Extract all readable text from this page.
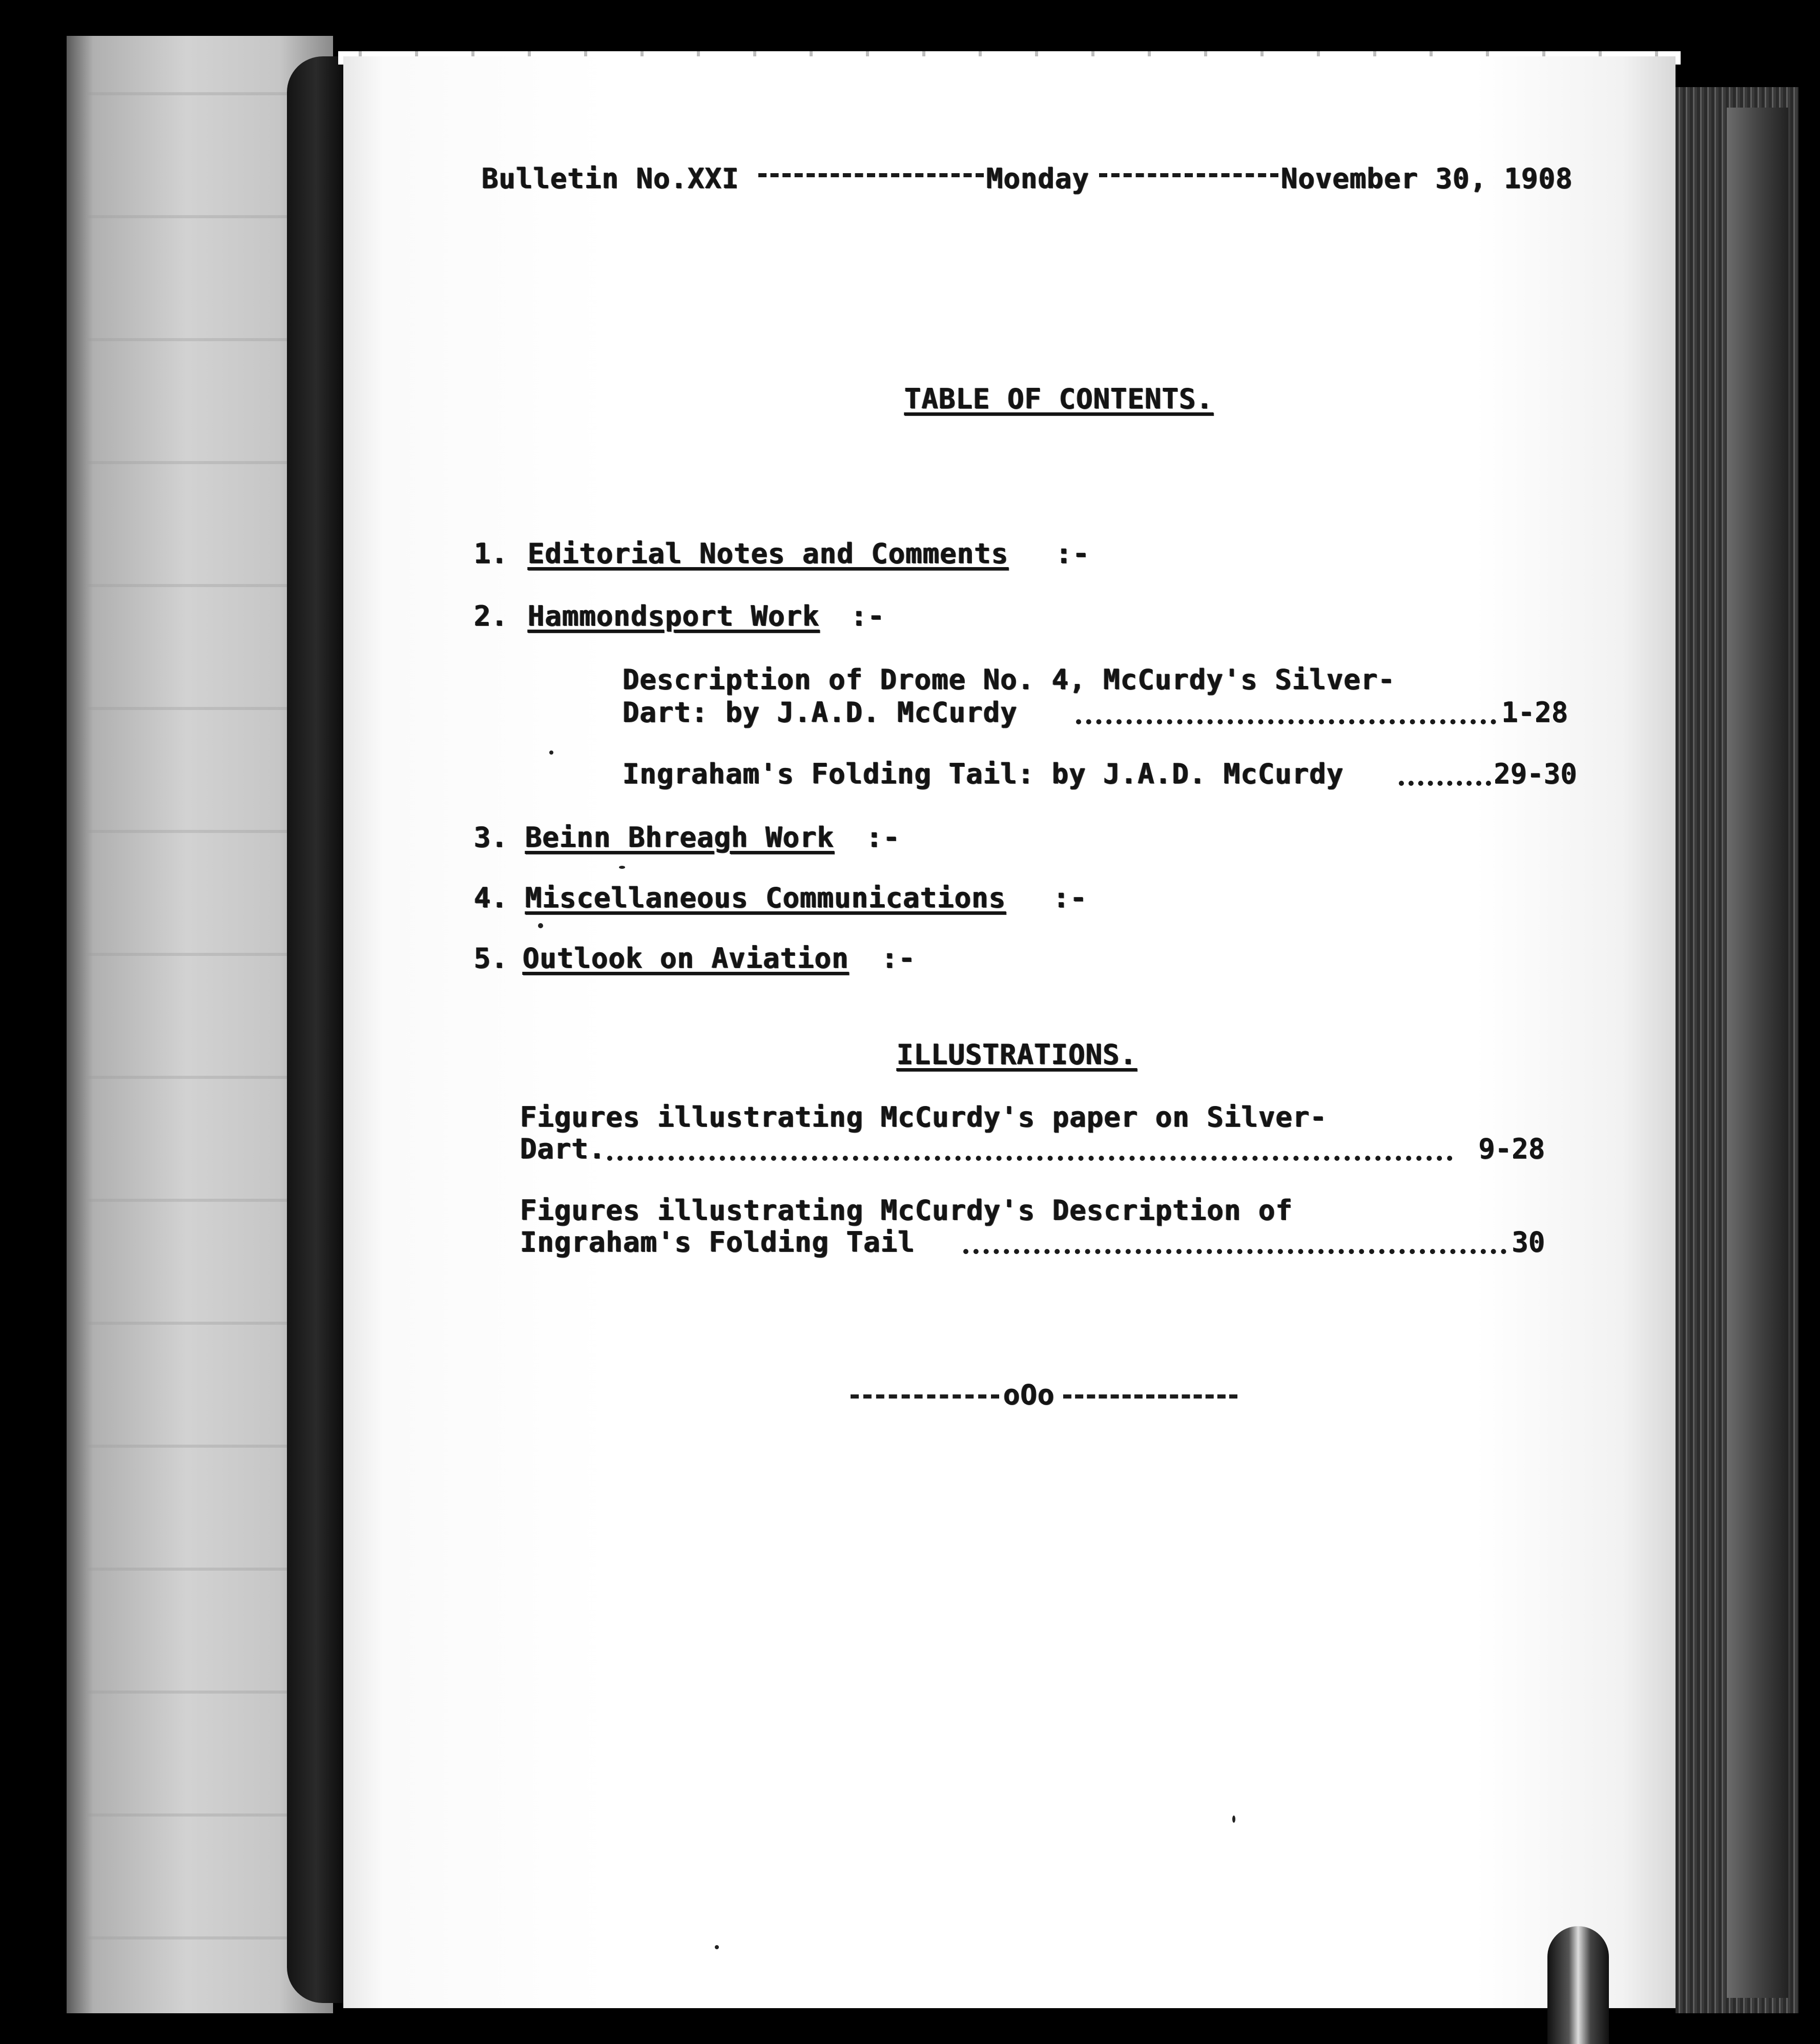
Bulletin No.XXI	Monday	November 30, 1908

TABLE OF CONTENTS.

1. Editorial Notes and Comments :-

2. Hammondsport Work :-

Description of Drome No. 4, McCurdy's Silver-

Dart: by J.A.D. McCurdy	1-28

Ingraham's Folding Tail: by J.A.D. McCurdy	29-30

3. Beinn Bhreagh Work :-

4. Miscellaneous Communications :-

5. Outlook on Aviation :-

ILLUSTRATIONS.

Figures illustrating McCurdy's paper on Silver-

Dart.	9-28

Figures illustrating McCurdy's Description of

Ingraham's Folding Tail	30

oOo
